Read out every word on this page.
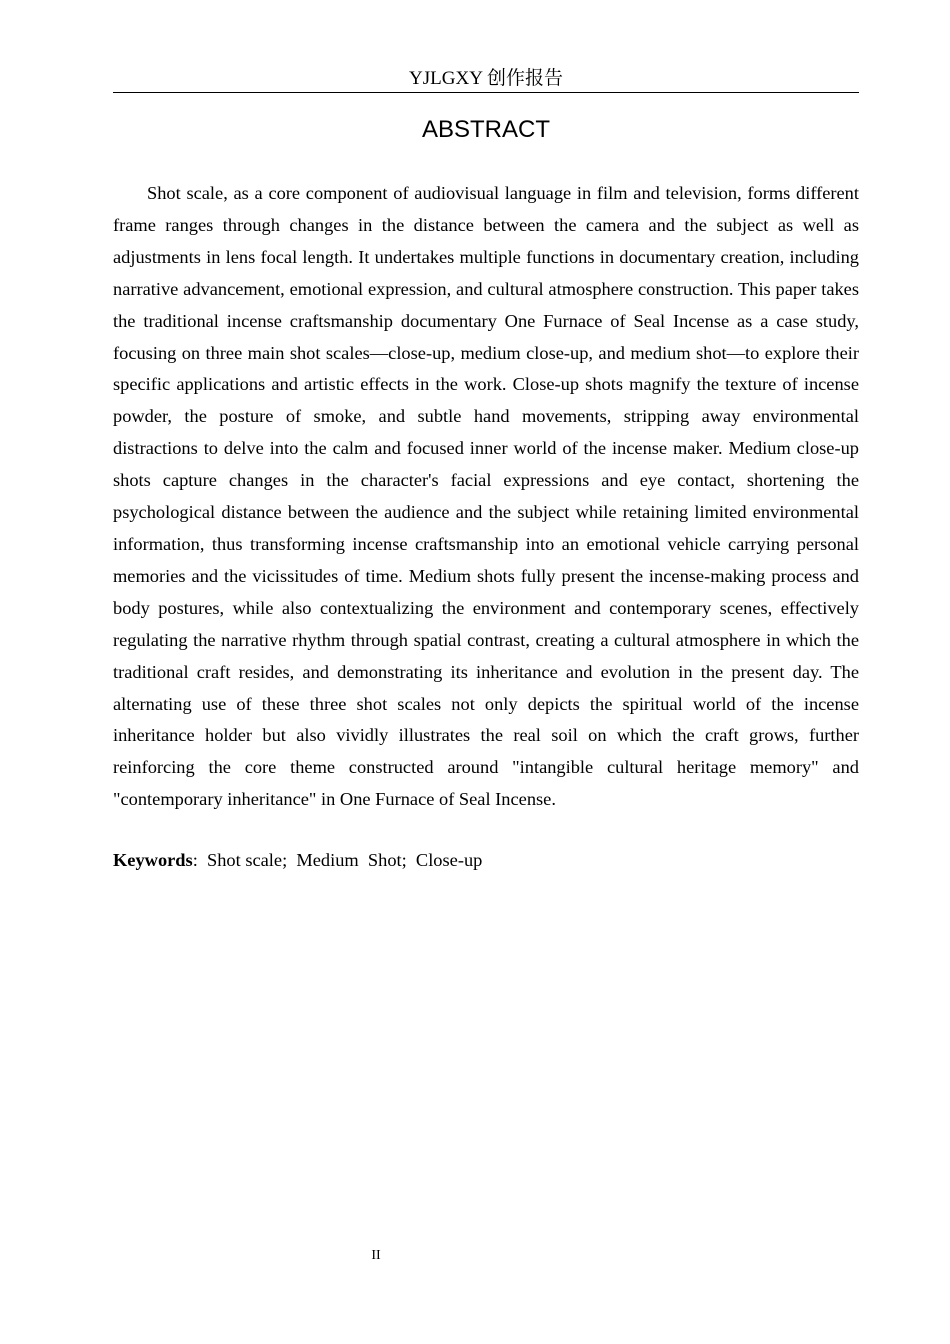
YJLGXY 创作报告
ABSTRACT

Shot scale, as a core component of audiovisual language in film and television, forms different frame ranges through changes in the distance between the camera and the subject as well as adjustments in lens focal length. It undertakes multiple functions in documentary creation, including narrative advancement, emotional expression, and cultural atmosphere construction. This paper takes the traditional incense craftsmanship documentary One Furnace of Seal Incense as a case study, focusing on three main shot scales—close-up, medium close-up, and medium shot—to explore their specific applications and artistic effects in the work. Close-up shots magnify the texture of incense powder, the posture of smoke, and subtle hand movements, stripping away environmental distractions to delve into the calm and focused inner world of the incense maker. Medium close-up shots capture changes in the character's facial expressions and eye contact, shortening the psychological distance between the audience and the subject while retaining limited environmental information, thus transforming incense craftsmanship into an emotional vehicle carrying personal memories and the vicissitudes of time. Medium shots fully present the incense-making process and body postures, while also contextualizing the environment and contemporary scenes, effectively regulating the narrative rhythm through spatial contrast, creating a cultural atmosphere in which the traditional craft resides, and demonstrating its inheritance and evolution in the present day. The alternating use of these three shot scales not only depicts the spiritual world of the incense inheritance holder but also vividly illustrates the real soil on which the craft grows, further reinforcing the core theme constructed around "intangible cultural heritage memory" and "contemporary inheritance" in One Furnace of Seal Incense.

Keywords:  Shot scale;  Medium  Shot;  Close-up
II
